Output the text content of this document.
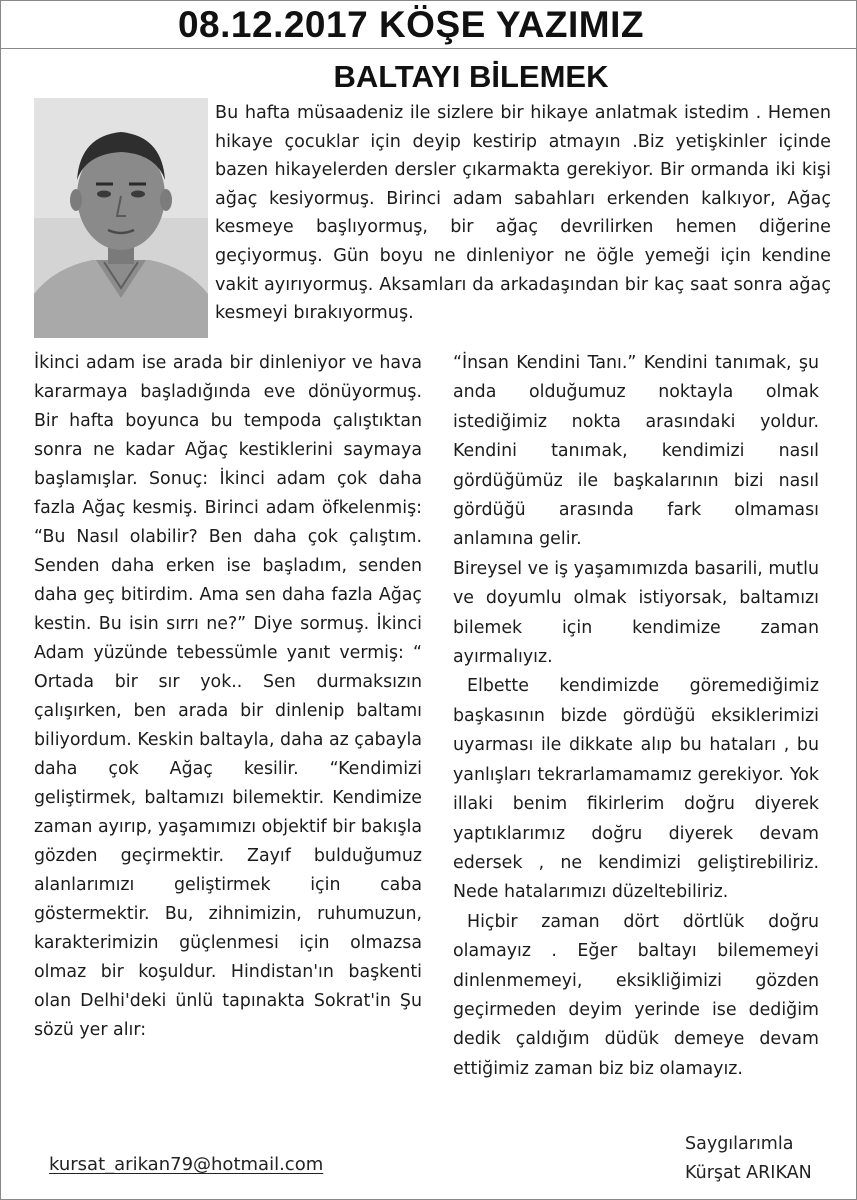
08.12.2017 KÖŞE YAZIMIZ
BALTAYI BİLEMEK

Bu hafta müsaadeniz ile sizlere bir hikaye anlatmak istedim . Hemen hikaye çocuklar için deyip kestirip atmayın .Biz yetişkinler içinde bazen hikayelerden dersler çıkarmakta gerekiyor. Bir ormanda iki kişi ağaç kesiyormuş. Birinci adam sabahları erkenden kalkıyor, Ağaç kesmeye başlıyormuş, bir ağaç devrilirken hemen diğerine geçiyormuş. Gün boyu ne dinleniyor ne öğle yemeği için kendine vakit ayırıyormuş. Aksamları da arkadaşından bir kaç saat sonra ağaç kesmeyi bırakıyormuş.

İkinci adam ise arada bir dinleniyor ve hava kararmaya başladığında eve dönüyormuş. Bir hafta boyunca bu tempoda çalıştıktan sonra ne kadar Ağaç kestiklerini saymaya başlamışlar. Sonuç: İkinci adam çok daha fazla Ağaç kesmiş. Birinci adam öfkelenmiş: “Bu Nasıl olabilir? Ben daha çok çalıştım. Senden daha erken ise başladım, senden daha geç bitirdim. Ama sen daha fazla Ağaç kestin. Bu isin sırrı ne?” Diye sormuş. İkinci Adam yüzünde tebessümle yanıt vermiş: “ Ortada bir sır yok.. Sen durmaksızın çalışırken, ben arada bir dinlenip baltamı biliyordum. Keskin baltayla, daha az çabayla daha çok Ağaç kesilir. “Kendimizi geliştirmek, baltamızı bilemektir. Kendimize zaman ayırıp, yaşamımızı objektif bir bakışla gözden geçirmektir. Zayıf bulduğumuz alanlarımızı geliştirmek için caba göstermektir. Bu, zihnimizin, ruhumuzun, karakterimizin güçlenmesi için olmazsa olmaz bir koşuldur. Hindistan'ın başkenti olan Delhi'deki ünlü tapınakta Sokrat'in Şu sözü yer alır:

“İnsan Kendini Tanı.” Kendini tanımak, şu anda olduğumuz noktayla olmak istediğimiz nokta arasındaki yoldur. Kendini tanımak, kendimizi nasıl gördüğümüz ile başkalarının bizi nasıl gördüğü arasında fark olmaması anlamına gelir.

Bireysel ve iş yaşamımızda basarili, mutlu ve doyumlu olmak istiyorsak, baltamızı bilemek için kendimize zaman ayırmalıyız.

Elbette kendimizde göremediğimiz başkasının bizde gördüğü eksiklerimizi uyarması ile dikkate alıp bu hataları , bu yanlışları tekrarlamamamız gerekiyor. Yok illaki benim fikirlerim doğru diyerek yaptıklarımız doğru diyerek devam edersek , ne kendimizi geliştirebiliriz. Nede hatalarımızı düzeltebiliriz.

Hiçbir zaman dört dörtlük doğru olamayız . Eğer baltayı bilememeyi dinlenmemeyi, eksikliğimizi gözden geçirmeden deyim yerinde ise dediğim dedik çaldığım düdük demeye devam ettiğimiz zaman biz biz olamayız.

kursat_arikan79@hotmail.com
Saygılarımla
Kürşat ARIKAN
